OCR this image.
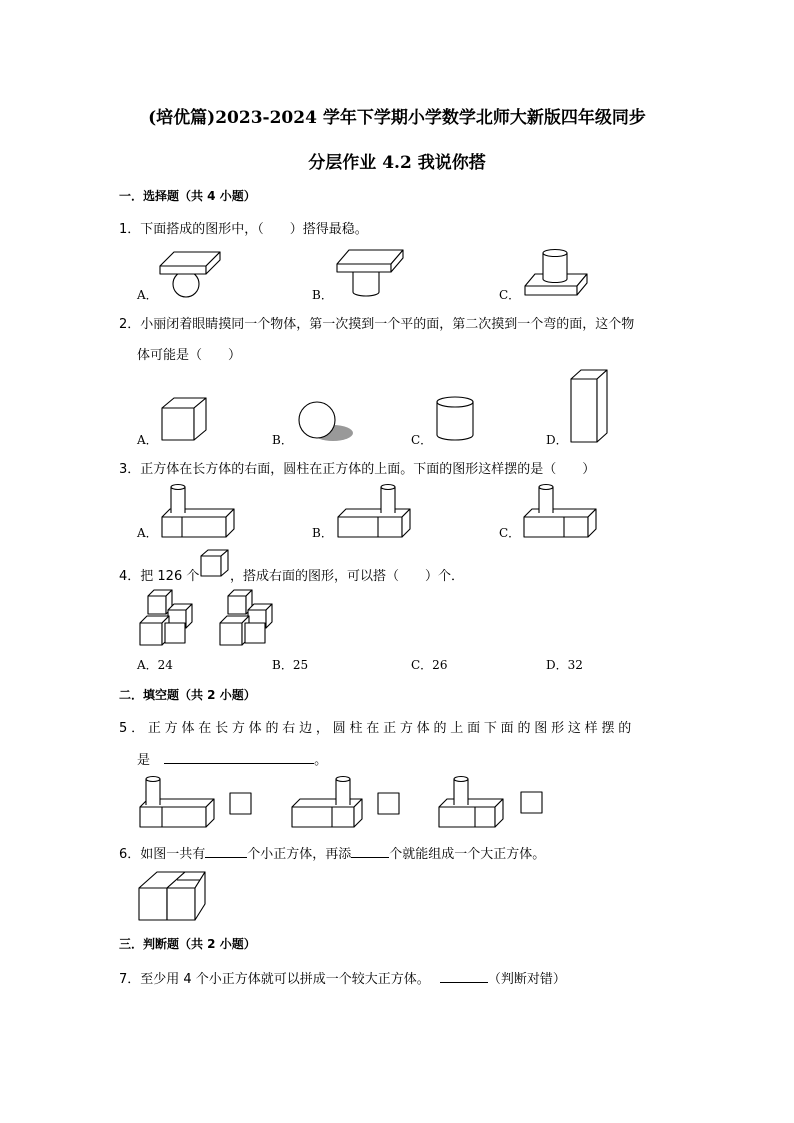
(培优篇)2023-2024 学年下学期小学数学北师大新版四年级同步
分层作业 4.2 我说你搭
一．选择题（共 4 小题）
1．下面搭成的图形中，（　　）搭得最稳。
A．	B．	C．
2．小丽闭着眼睛摸同一个物体，第一次摸到一个平的面，第二次摸到一个弯的面，这个物
体可能是（　　）
A．	B．	C．	D．
3．正方体在长方体的右面，圆柱在正方体的上面。下面的图形这样摆的是（　　）
A．	B．	C．
4．把 126 个 ，搭成右面的图形，可以搭（　　）个．
A．24	B．25	C．26	D．32
二．填空题（共 2 小题）
5．正方体在长方体的右边，圆柱在正方体的上面下面的图形这样摆的
是	。
6．如图一共有	个小正方体，再添	个就能组成一个大正方体。
三．判断题（共 2 小题）
7．至少用 4 个小正方体就可以拼成一个较大正方体。	（判断对错）
